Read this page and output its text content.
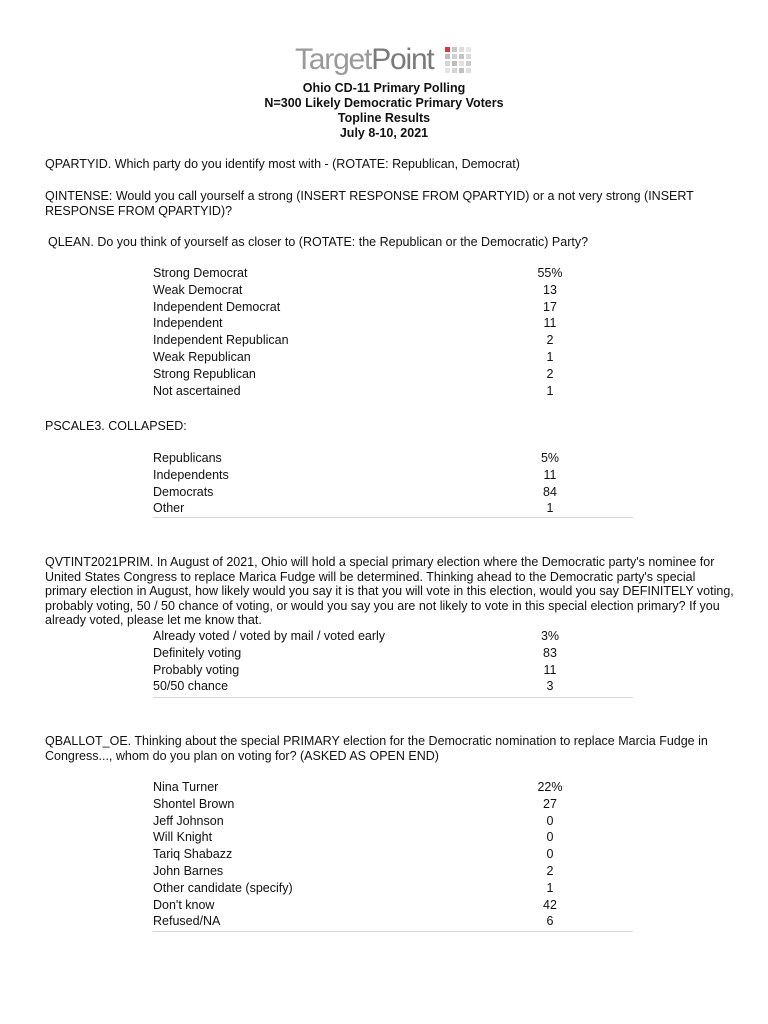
TargetPoint
Ohio CD-11 Primary Polling
N=300 Likely Democratic Primary Voters
Topline Results
July 8-10, 2021
QPARTYID. Which party do you identify most with - (ROTATE: Republican, Democrat)
QINTENSE: Would you call yourself a strong (INSERT RESPONSE FROM QPARTYID) or a not very strong (INSERT RESPONSE FROM QPARTYID)?
QLEAN. Do you think of yourself as closer to (ROTATE: the Republican or the Democratic) Party?
Strong Democrat	55%
Weak Democrat	13
Independent Democrat	17
Independent	11
Independent Republican	2
Weak Republican	1
Strong Republican	2
Not ascertained	1
PSCALE3. COLLAPSED:
Republicans	5%
Independents	11
Democrats	84
Other	1
QVTINT2021PRIM. In August of 2021, Ohio will hold a special primary election where the Democratic party's nominee for United States Congress to replace Marica Fudge will be determined. Thinking ahead to the Democratic party's special primary election in August, how likely would you say it is that you will vote in this election, would you say DEFINITELY voting, probably voting, 50 / 50 chance of voting, or would you say you are not likely to vote in this special election primary? If you already voted, please let me know that.
Already voted / voted by mail / voted early	3%
Definitely voting	83
Probably voting	11
50/50 chance	3
QBALLOT_OE. Thinking about the special PRIMARY election for the Democratic nomination to replace Marcia Fudge in Congress..., whom do you plan on voting for? (ASKED AS OPEN END)
Nina Turner	22%
Shontel Brown	27
Jeff Johnson	0
Will Knight	0
Tariq Shabazz	0
John Barnes	2
Other candidate (specify)	1
Don't know	42
Refused/NA	6
